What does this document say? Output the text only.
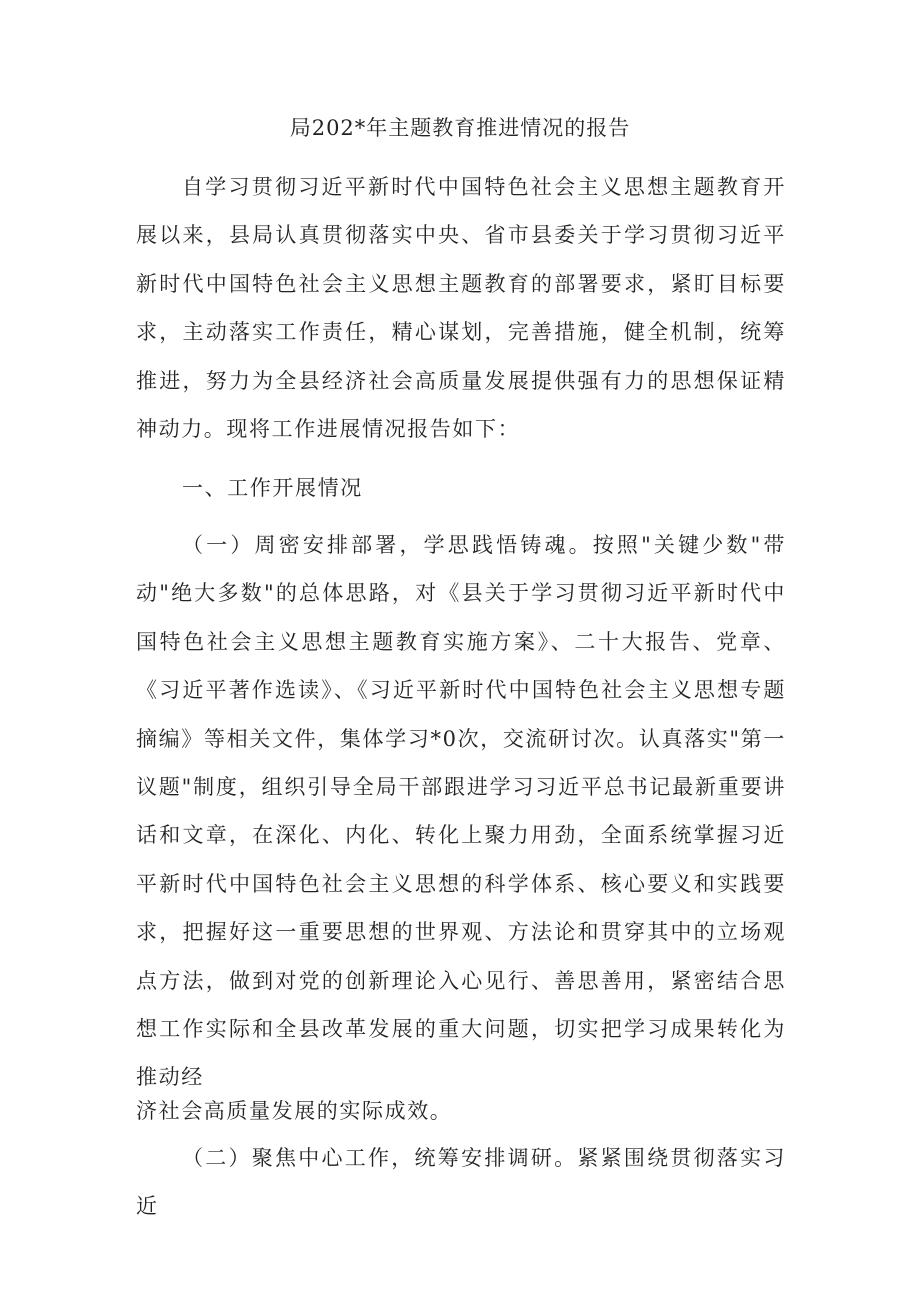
局202*年主题教育推进情况的报告

自学习贯彻习近平新时代中国特色社会主义思想主题教育开展以来，县局认真贯彻落实中央、省市县委关于学习贯彻习近平新时代中国特色社会主义思想主题教育的部署要求，紧盯目标要求，主动落实工作责任，精心谋划，完善措施，健全机制，统筹推进，努力为全县经济社会高质量发展提供强有力的思想保证精神动力。现将工作进展情况报告如下：

一、工作开展情况

（一）周密安排部署，学思践悟铸魂。按照"关键少数"带动"绝大多数"的总体思路，对《县关于学习贯彻习近平新时代中国特色社会主义思想主题教育实施方案》、二十大报告、党章、《习近平著作选读》、《习近平新时代中国特色社会主义思想专题摘编》等相关文件，集体学习*0次，交流研讨次。认真落实"第一议题"制度，组织引导全局干部跟进学习习近平总书记最新重要讲话和文章，在深化、内化、转化上聚力用劲，全面系统掌握习近平新时代中国特色社会主义思想的科学体系、核心要义和实践要求，把握好这一重要思想的世界观、方法论和贯穿其中的立场观点方法，做到对党的创新理论入心见行、善思善用，紧密结合思想工作实际和全县改革发展的重大问题，切实把学习成果转化为推动经

济社会高质量发展的实际成效。

（二）聚焦中心工作，统筹安排调研。紧紧围绕贯彻落实习近
